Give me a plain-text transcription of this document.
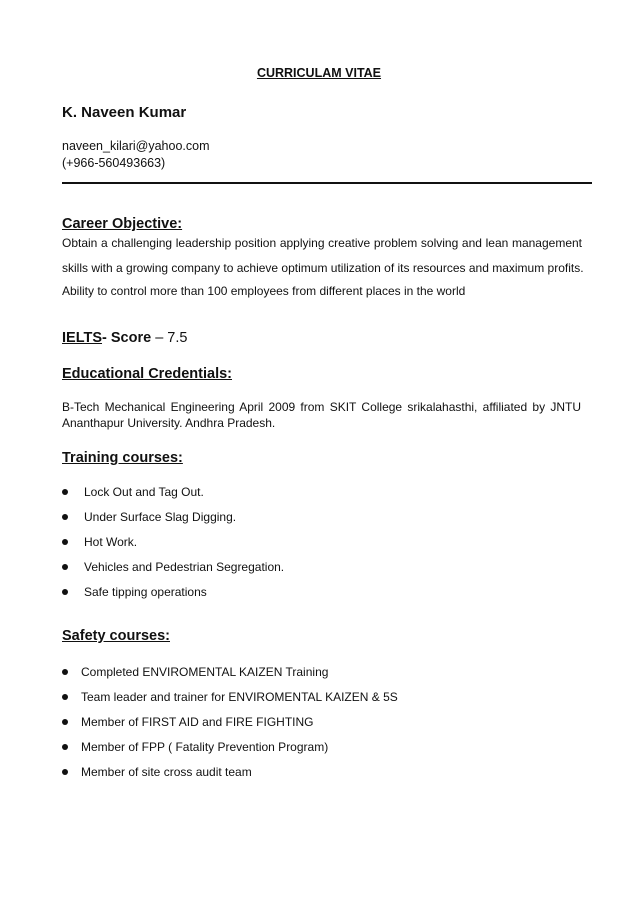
CURRICULAM VITAE
K. Naveen Kumar
naveen_kilari@yahoo.com
(+966-560493663)
Career Objective:
Obtain a challenging leadership position applying creative problem solving and lean management
skills with a growing company to achieve optimum utilization of its resources and maximum profits.
Ability to control more than 100 employees from different places in the world
IELTS- Score – 7.5
Educational Credentials:
B-Tech Mechanical Engineering April 2009 from SKIT College srikalahasthi, affiliated by JNTU
Ananthapur University. Andhra Pradesh.
Training courses:
Lock Out and Tag Out.
Under Surface Slag Digging.
Hot Work.
Vehicles and Pedestrian Segregation.
Safe tipping operations
Safety courses:
Completed ENVIROMENTAL KAIZEN Training
Team leader and trainer for ENVIROMENTAL KAIZEN & 5S
Member of FIRST AID and FIRE FIGHTING
Member of FPP ( Fatality Prevention Program)
Member of site cross audit team
